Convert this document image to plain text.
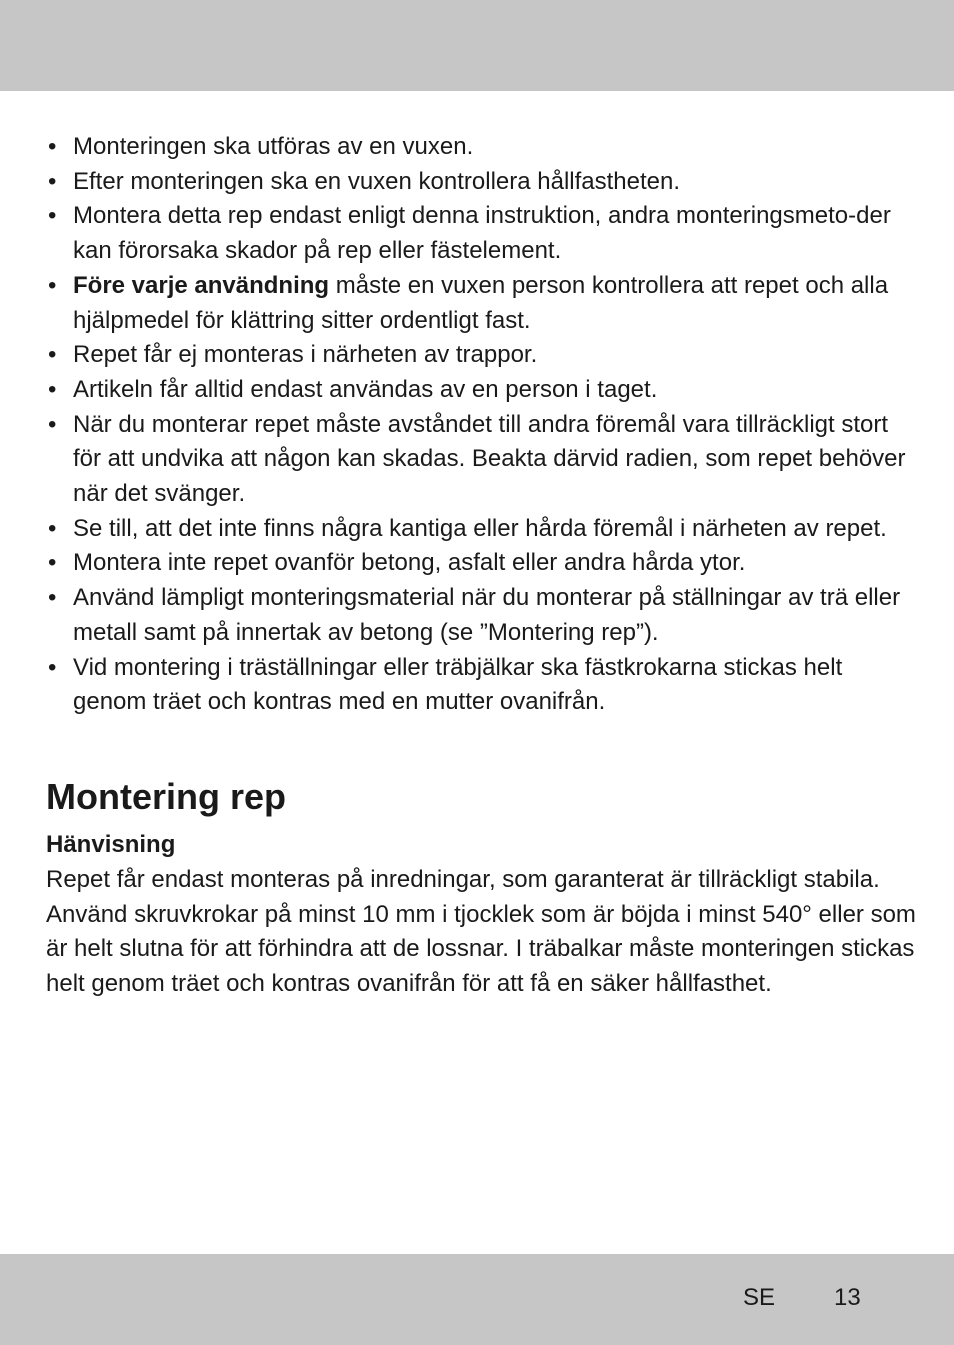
• Monteringen ska utföras av en vuxen.
• Efter monteringen ska en vuxen kontrollera hållfastheten.
• Montera detta rep endast enligt denna instruktion, andra monteringsmeto-der kan förorsaka skador på rep eller fästelement.
• Före varje användning måste en vuxen person kontrollera att repet och alla hjälpmedel för klättring sitter ordentligt fast.
• Repet får ej monteras i närheten av trappor.
• Artikeln får alltid endast användas av en person i taget.
• När du monterar repet måste avståndet till andra föremål vara tillräckligt stort för att undvika att någon kan skadas. Beakta därvid radien, som repet behöver när det svänger.
• Se till, att det inte finns några kantiga eller hårda föremål i närheten av repet.
• Montera inte repet ovanför betong, asfalt eller andra hårda ytor.
• Använd lämpligt monteringsmaterial när du monterar på ställningar av trä eller metall samt på innertak av betong (se ”Montering rep”).
• Vid montering i träställningar eller träbjälkar ska fästkrokarna stickas helt genom träet och kontras med en mutter ovanifrån.
Montering rep
Hänvisning

Repet får endast monteras på inredningar, som garanterat är tillräckligt stabila. Använd skruvkrokar på minst 10 mm i tjocklek som är böjda i minst 540° eller som är helt slutna för att förhindra att de lossnar. I träbalkar måste monteringen stickas helt genom träet och kontras ovanifrån för att få en säker hållfasthet.

SE 13
